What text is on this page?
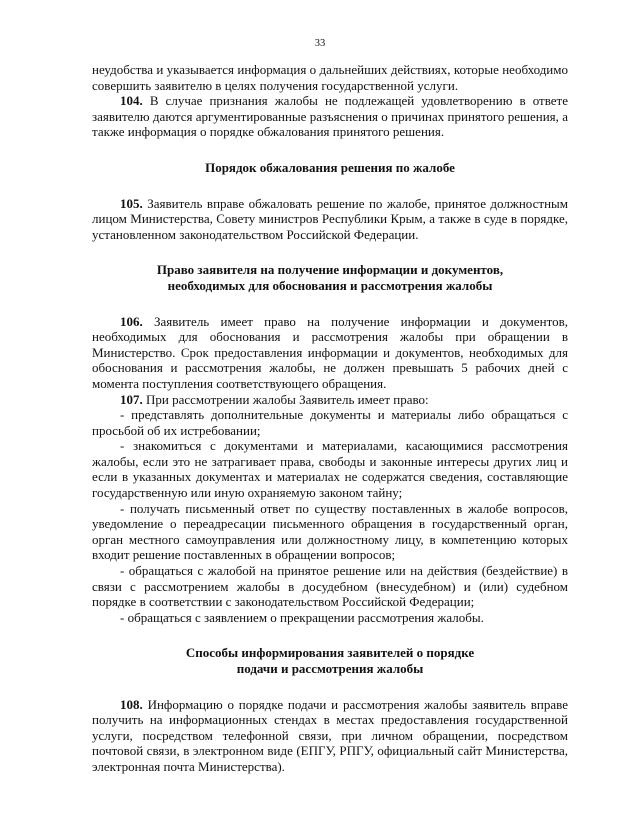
33

неудобства и указывается информация о дальнейших действиях, которые необходимо совершить заявителю в целях получения государственной услуги.

104. В случае признания жалобы не подлежащей удовлетворению в ответе заявителю даются аргументированные разъяснения о причинах принятого решения, а также информация о порядке обжалования принятого решения.

Порядок обжалования решения по жалобе

105. Заявитель вправе обжаловать решение по жалобе, принятое должностным лицом Министерства, Совету министров Республики Крым, а также в суде в порядке, установленном законодательством Российской Федерации.

Право заявителя на получение информации и документов,
необходимых для обоснования и рассмотрения жалобы

106. Заявитель имеет право на получение информации и документов, необходимых для обоснования и рассмотрения жалобы при обращении в Министерство. Срок предоставления информации и документов, необходимых для обоснования и рассмотрения жалобы, не должен превышать 5 рабочих дней с момента поступления соответствующего обращения.

107. При рассмотрении жалобы Заявитель имеет право:

- представлять дополнительные документы и материалы либо обращаться с просьбой об их истребовании;

- знакомиться с документами и материалами, касающимися рассмотрения жалобы, если это не затрагивает права, свободы и законные интересы других лиц и если в указанных документах и материалах не содержатся сведения, составляющие государственную или иную охраняемую законом тайну;

- получать письменный ответ по существу поставленных в жалобе вопросов, уведомление о переадресации письменного обращения в государственный орган, орган местного самоуправления или должностному лицу, в компетенцию которых входит решение поставленных в обращении вопросов;

- обращаться с жалобой на принятое решение или на действия (бездействие) в связи с рассмотрением жалобы в досудебном (внесудебном) и (или) судебном порядке в соответствии с законодательством Российской Федерации;

- обращаться с заявлением о прекращении рассмотрения жалобы.

Способы информирования заявителей о порядке
подачи и рассмотрения жалобы

108. Информацию о порядке подачи и рассмотрения жалобы заявитель вправе получить на информационных стендах в местах предоставления государственной услуги, посредством телефонной связи, при личном обращении, посредством почтовой связи, в электронном виде (ЕПГУ, РПГУ, официальный сайт Министерства, электронная почта Министерства).
